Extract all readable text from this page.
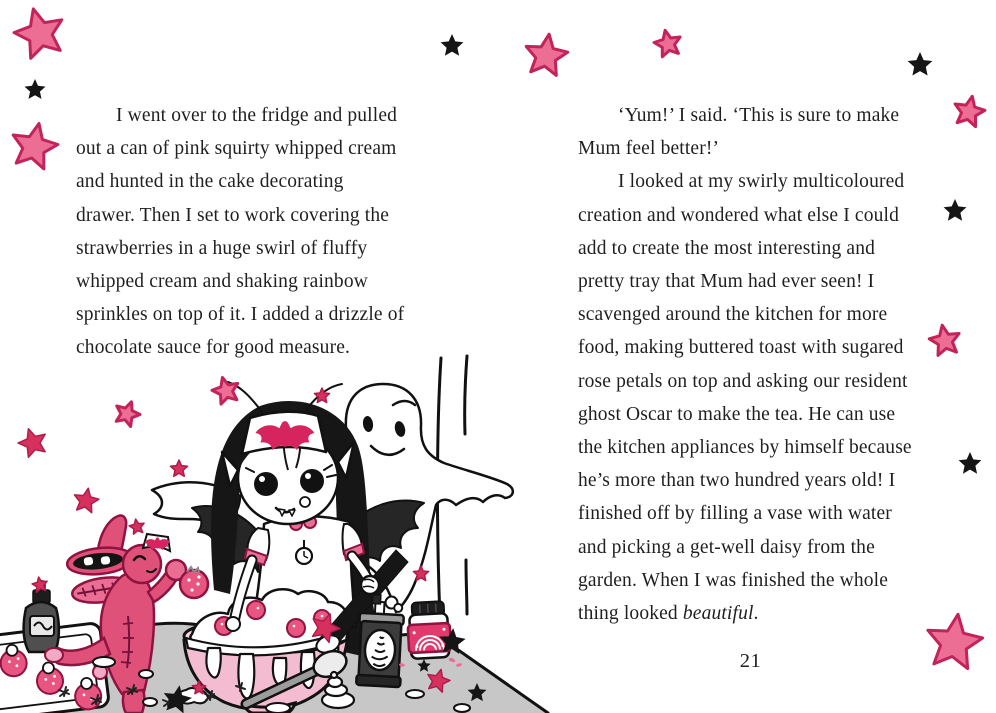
I went over to the fridge and pulled
out a can of pink squirty whipped cream
and hunted in the cake decorating
drawer. Then I set to work covering the
strawberries in a huge swirl of fluffy
whipped cream and shaking rainbow
sprinkles on top of it. I added a drizzle of
chocolate sauce for good measure.

‘Yum!’ I said. ‘This is sure to make
Mum feel better!’

I looked at my swirly multicoloured
creation and wondered what else I could
add to create the most interesting and
pretty tray that Mum had ever seen! I
scavenged around the kitchen for more
food, making buttered toast with sugared
rose petals on top and asking our resident
ghost Oscar to make the tea. He can use
the kitchen appliances by himself because
he’s more than two hundred years old! I
finished off by filling a vase with water
and picking a get-well daisy from the
garden. When I was finished the whole
thing looked beautiful.

21
